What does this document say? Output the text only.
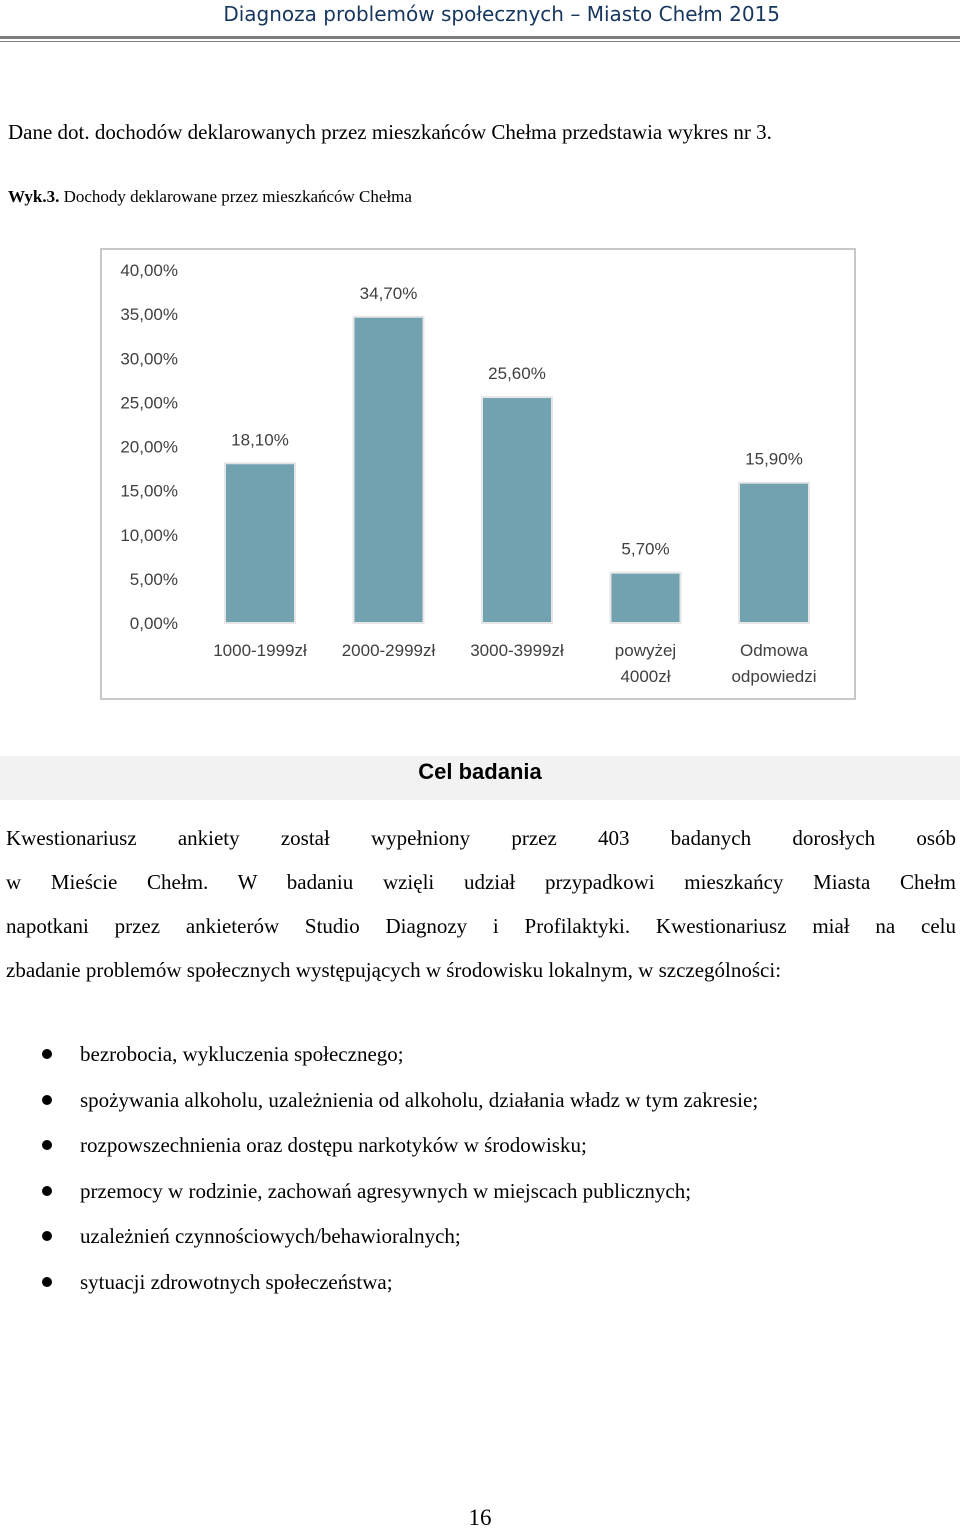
Diagnoza problemów społecznych – Miasto Chełm 2015
Dane dot. dochodów deklarowanych przez mieszkańców Chełma przedstawia wykres nr 3.
Wyk.3. Dochody deklarowane przez mieszkańców Chełma
0,00%
5,00%
10,00%
15,00%
20,00%
25,00%
30,00%
35,00%
40,00%
18,10%
34,70%
25,60%
5,70%
15,90%
1000-1999zł 2000-2999zł 3000-3999zł	powyżej
4000zł
Odmowa
odpowiedzi
Cel badania

Kwestionariusz ankiety został wypełniony przez 403 badanych dorosłych osób
w Mieście Chełm. W badaniu wzięli udział przypadkowi mieszkańcy Miasta Chełm
napotkani przez ankieterów Studio Diagnozy i Profilaktyki. Kwestionariusz miał na celu
zbadanie problemów społecznych występujących w środowisku lokalnym, w szczególności:

bezrobocia, wykluczenia społecznego;
spożywania alkoholu, uzależnienia od alkoholu, działania władz w tym zakresie;
rozpowszechnienia oraz dostępu narkotyków w środowisku;
przemocy w rodzinie, zachowań agresywnych w miejscach publicznych;
uzależnień czynnościowych/behawioralnych;
sytuacji zdrowotnych społeczeństwa;
16
